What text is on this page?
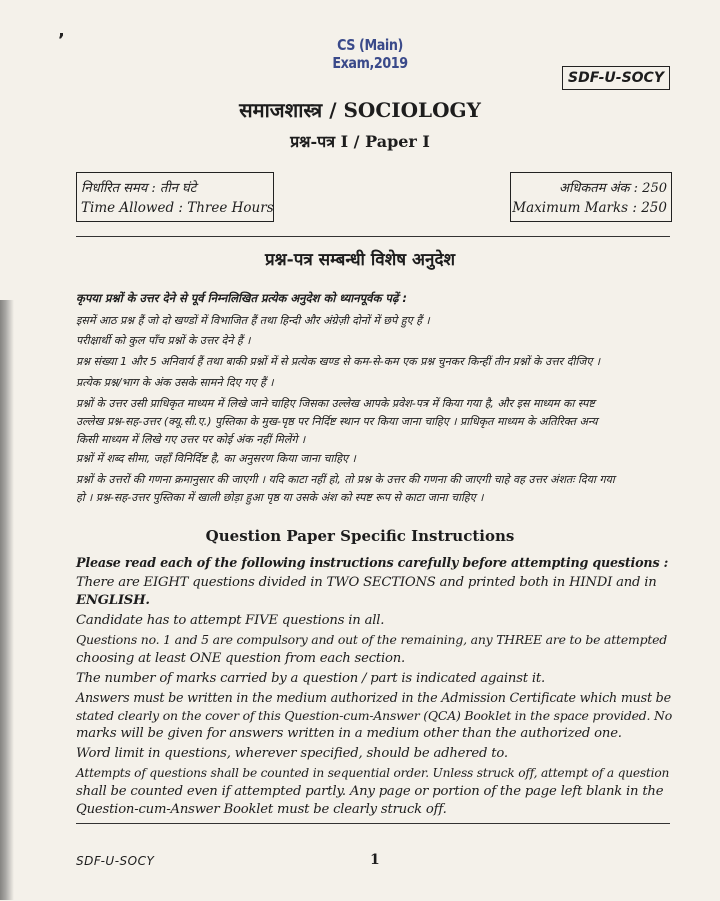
’	CS (Main) Exam,2019
SDF-U-SOCY
समाजशास्त्र / SOCIOLOGY
प्रश्न-पत्र I / Paper I
निर्धारित समय : तीन घंटे
Time Allowed : Three Hours
अधिकतम अंक : 250
Maximum Marks : 250
प्रश्न-पत्र सम्बन्धी विशेष अनुदेश
कृपया प्रश्नों के उत्तर देने से पूर्व निम्नलिखित प्रत्येक अनुदेश को ध्यानपूर्वक पढ़ें :
इसमें आठ प्रश्न हैं जो दो खण्डों में विभाजित हैं तथा हिन्दी और अंग्रेज़ी दोनों में छपे हुए हैं ।
परीक्षार्थी को कुल पाँच प्रश्नों के उत्तर देने हैं ।
प्रश्न संख्या 1 और 5 अनिवार्य हैं तथा बाकी प्रश्नों में से प्रत्येक खण्ड से कम-से-कम एक प्रश्न चुनकर किन्हीं तीन प्रश्नों के उत्तर दीजिए ।
प्रत्येक प्रश्न/भाग के अंक उसके सामने दिए गए हैं ।
प्रश्नों के उत्तर उसी प्राधिकृत माध्यम में लिखे जाने चाहिए जिसका उल्लेख आपके प्रवेश-पत्र में किया गया है, और इस माध्यम का स्पष्ट
उल्लेख प्रश्न-सह-उत्तर (क्यू.सी.ए.) पुस्तिका के मुख-पृष्ठ पर निर्दिष्ट स्थान पर किया जाना चाहिए । प्राधिकृत माध्यम के अतिरिक्त अन्य
किसी माध्यम में लिखे गए उत्तर पर कोई अंक नहीं मिलेंगे ।
प्रश्नों में शब्द सीमा, जहाँ विनिर्दिष्ट है, का अनुसरण किया जाना चाहिए ।
प्रश्नों के उत्तरों की गणना क्रमानुसार की जाएगी । यदि काटा नहीं हो, तो प्रश्न के उत्तर की गणना की जाएगी चाहे वह उत्तर अंशतः दिया गया
हो । प्रश्न-सह-उत्तर पुस्तिका में खाली छोड़ा हुआ पृष्ठ या उसके अंश को स्पष्ट रूप से काटा जाना चाहिए ।
Question Paper Specific Instructions
Please read each of the following instructions carefully before attempting questions :
There are EIGHT questions divided in TWO SECTIONS and printed both in HINDI and in
ENGLISH.
Candidate has to attempt FIVE questions in all.
Questions no. 1 and 5 are compulsory and out of the remaining, any THREE are to be attempted
choosing at least ONE question from each section.
The number of marks carried by a question / part is indicated against it.
Answers must be written in the medium authorized in the Admission Certificate which must be
stated clearly on the cover of this Question-cum-Answer (QCA) Booklet in the space provided. No
marks will be given for answers written in a medium other than the authorized one.
Word limit in questions, wherever specified, should be adhered to.
Attempts of questions shall be counted in sequential order. Unless struck off, attempt of a question
shall be counted even if attempted partly. Any page or portion of the page left blank in the
Question-cum-Answer Booklet must be clearly struck off.
SDF-U-SOCY	1
